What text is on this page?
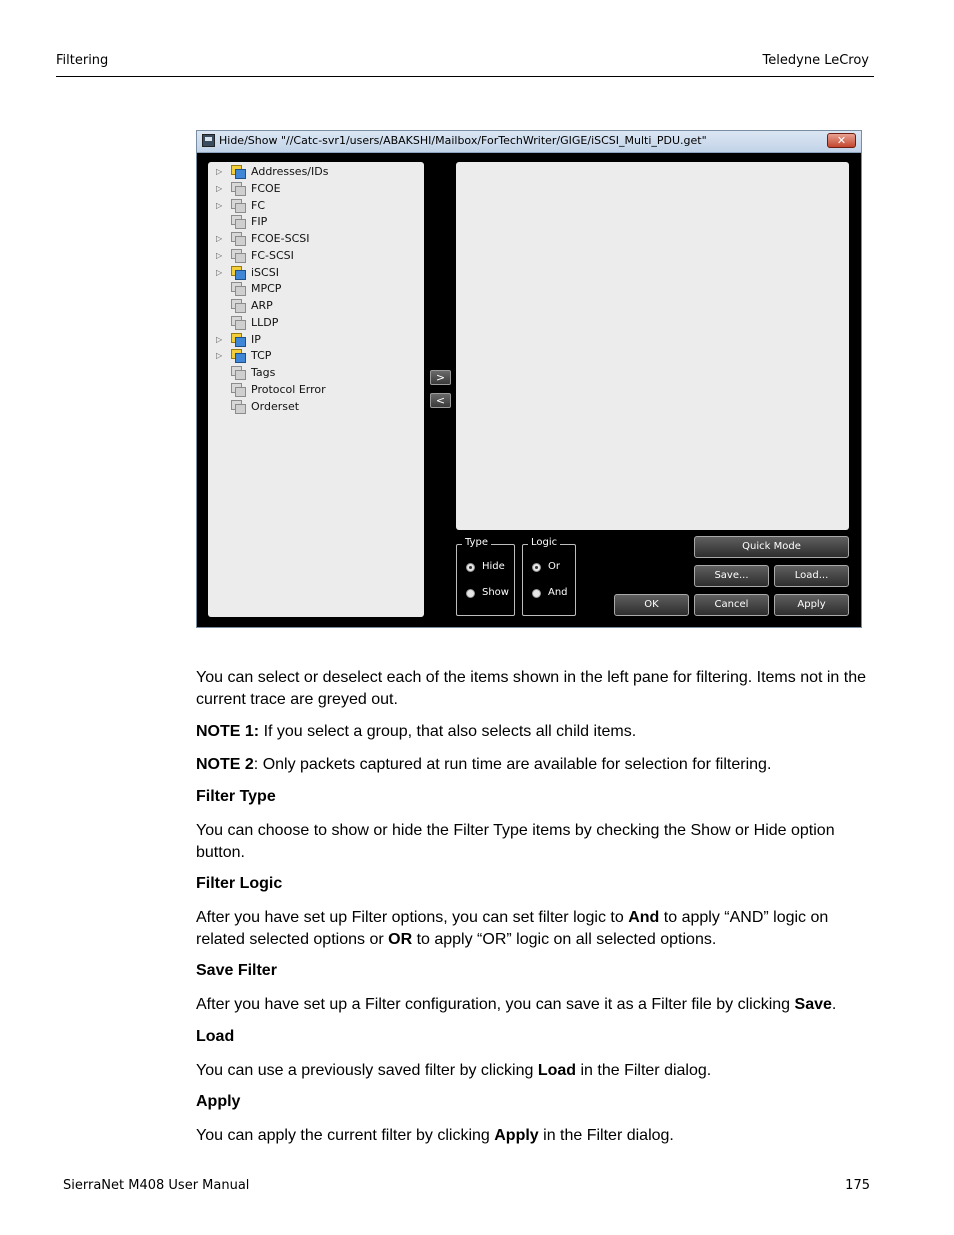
Filtering	Teledyne LeCroy
Hide/Show "//Catc-svr1/users/ABAKSHI/Mailbox/ForTechWriter/GIGE/iSCSI_Multi_PDU.get"	✕
▷	Addresses/IDs
▷	FCOE
▷	FC
FIP
▷	FCOE-SCSI
▷	FC-SCSI
▷	iSCSI
MPCP
ARP
LLDP
▷	IP
▷	TCP
Tags
Protocol Error
Orderset
>
<
Type
Hide
Show
Logic
Or
And
Quick Mode
Save...	Load...
OK	Cancel	Apply
You can select or deselect each of the items shown in the left pane for filtering. Items not in the current trace are greyed out.
NOTE 1: If you select a group, that also selects all child items.
NOTE 2: Only packets captured at run time are available for selection for filtering.
Filter Type
You can choose to show or hide the Filter Type items by checking the Show or Hide option button.
Filter Logic
After you have set up Filter options, you can set filter logic to And to apply “AND” logic on related selected options or OR to apply “OR” logic on all selected options.
Save Filter
After you have set up a Filter configuration, you can save it as a Filter file by clicking Save.
Load
You can use a previously saved filter by clicking Load in the Filter dialog.
Apply
You can apply the current filter by clicking Apply in the Filter dialog.
SierraNet M408 User Manual	175
